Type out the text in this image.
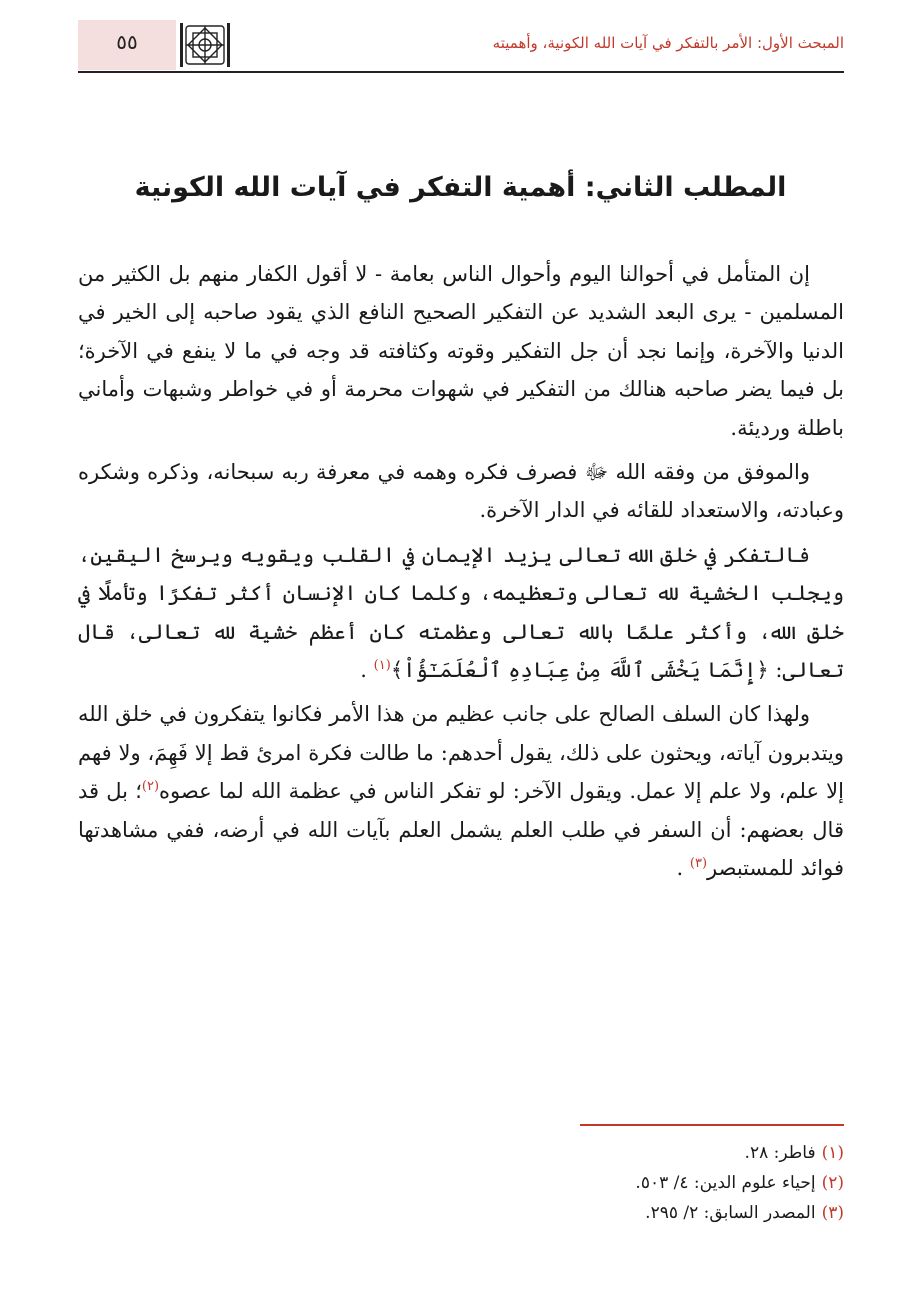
٥٥	المبحث الأول: الأمر بالتفكر في آيات الله الكونية، وأهميته
المطلب الثاني: أهمية التفكر في آيات الله الكونية

إن المتأمل في أحوالنا اليوم وأحوال الناس بعامة - لا أقول الكفار منهم بل الكثير من المسلمين - يرى البعد الشديد عن التفكير الصحيح النافع الذي يقود صاحبه إلى الخير في الدنيا والآخرة، وإنما نجد أن جل التفكير وقوته وكثافته قد وجه في ما لا ينفع في الآخرة؛ بل فيما يضر صاحبه هنالك من التفكير في شهوات محرمة أو في خواطر وشبهات وأماني باطلة ورديئة.

والموفق من وفقه الله ﷻ فصرف فكره وهمه في معرفة ربه سبحانه، وذكره وشكره وعبادته، والاستعداد للقائه في الدار الآخرة.

فالتفكر في خلق الله تعالى يزيد الإيمان في القلب ويقويه ويرسخ اليقين، ويجلب الخشية لله تعالى وتعظيمه، وكلما كان الإنسان أكثر تفكرًا وتأملًا في خلق الله، وأكثر علمًا بالله تعالى وعظمته كان أعظم خشية لله تعالى، قال تعالى: ﴿إِنَّمَا يَخْشَى ٱللَّهَ مِنْ عِبَادِهِ ٱلْعُلَمَـٰٓؤُاْ﴾$^{(١)}$ .

ولهذا كان السلف الصالح على جانب عظيم من هذا الأمر فكانوا يتفكرون في خلق الله ويتدبرون آياته، ويحثون على ذلك، يقول أحدهم: ما طالت فكرة امرئ قط إلا فَهِمَ، ولا فهم إلا علم، ولا علم إلا عمل. ويقول الآخر: لو تفكر الناس في عظمة الله لما عصوه$^{(٢)}$؛ بل قد قال بعضهم: أن السفر في طلب العلم يشمل العلم بآيات الله في أرضه، ففي مشاهدتها فوائد للمستبصر$^{(٣)}$ .

(١)فاطر: ٢٨.

(٢)إحياء علوم الدين: ٤/ ٥٠٣.

(٣)المصدر السابق: ٢/ ٢٩٥.
